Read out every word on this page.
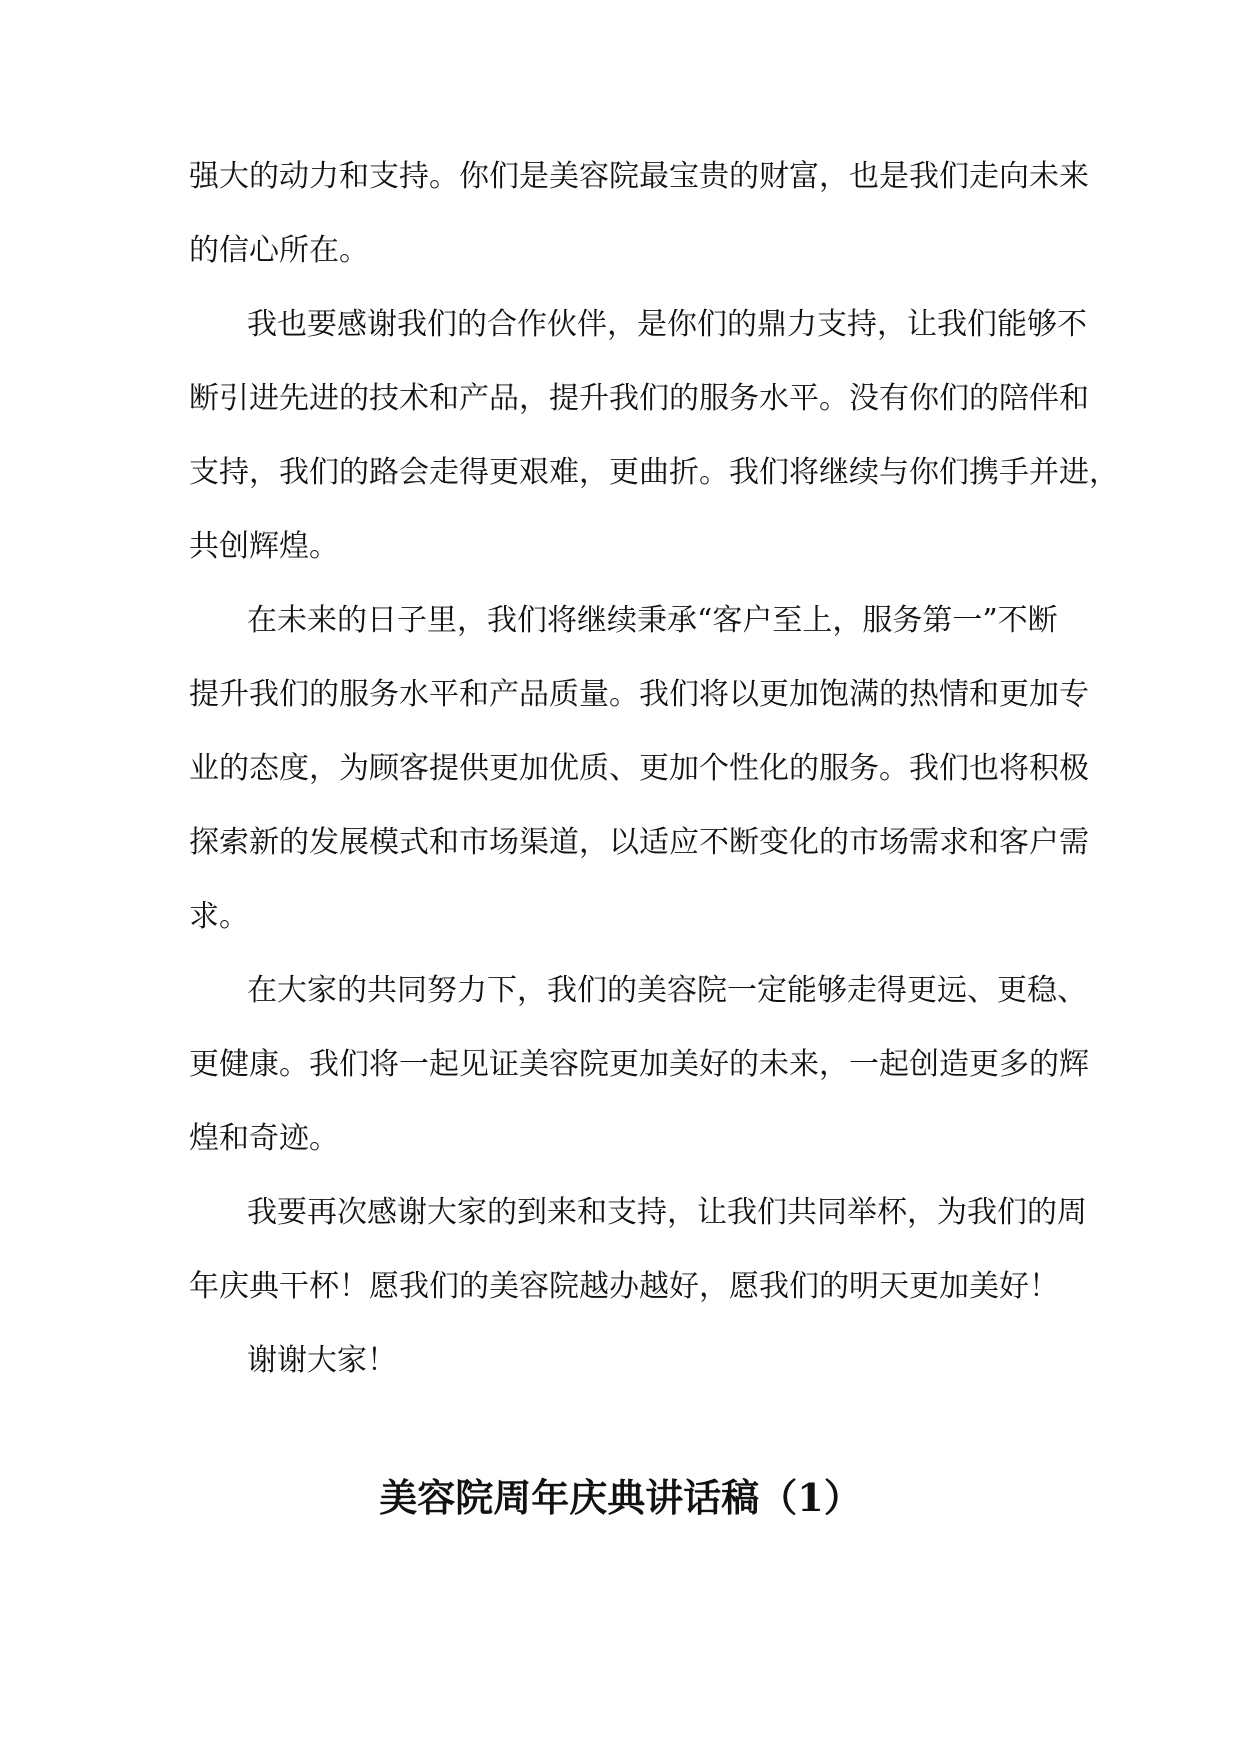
强大的动力和支持。你们是美容院最宝贵的财富，也是我们走向未来
的信心所在。
我也要感谢我们的合作伙伴，是你们的鼎力支持，让我们能够不
断引进先进的技术和产品，提升我们的服务水平。没有你们的陪伴和
支持，我们的路会走得更艰难，更曲折。我们将继续与你们携手并进，
共创辉煌。
在未来的日子里，我们将继续秉承“客户至上，服务第一”不断
提升我们的服务水平和产品质量。我们将以更加饱满的热情和更加专
业的态度，为顾客提供更加优质、更加个性化的服务。我们也将积极
探索新的发展模式和市场渠道，以适应不断变化的市场需求和客户需
求。
在大家的共同努力下，我们的美容院一定能够走得更远、更稳、
更健康。我们将一起见证美容院更加美好的未来，一起创造更多的辉
煌和奇迹。
我要再次感谢大家的到来和支持，让我们共同举杯，为我们的周
年庆典干杯！愿我们的美容院越办越好，愿我们的明天更加美好！
谢谢大家！
美容院周年庆典讲话稿（1）
